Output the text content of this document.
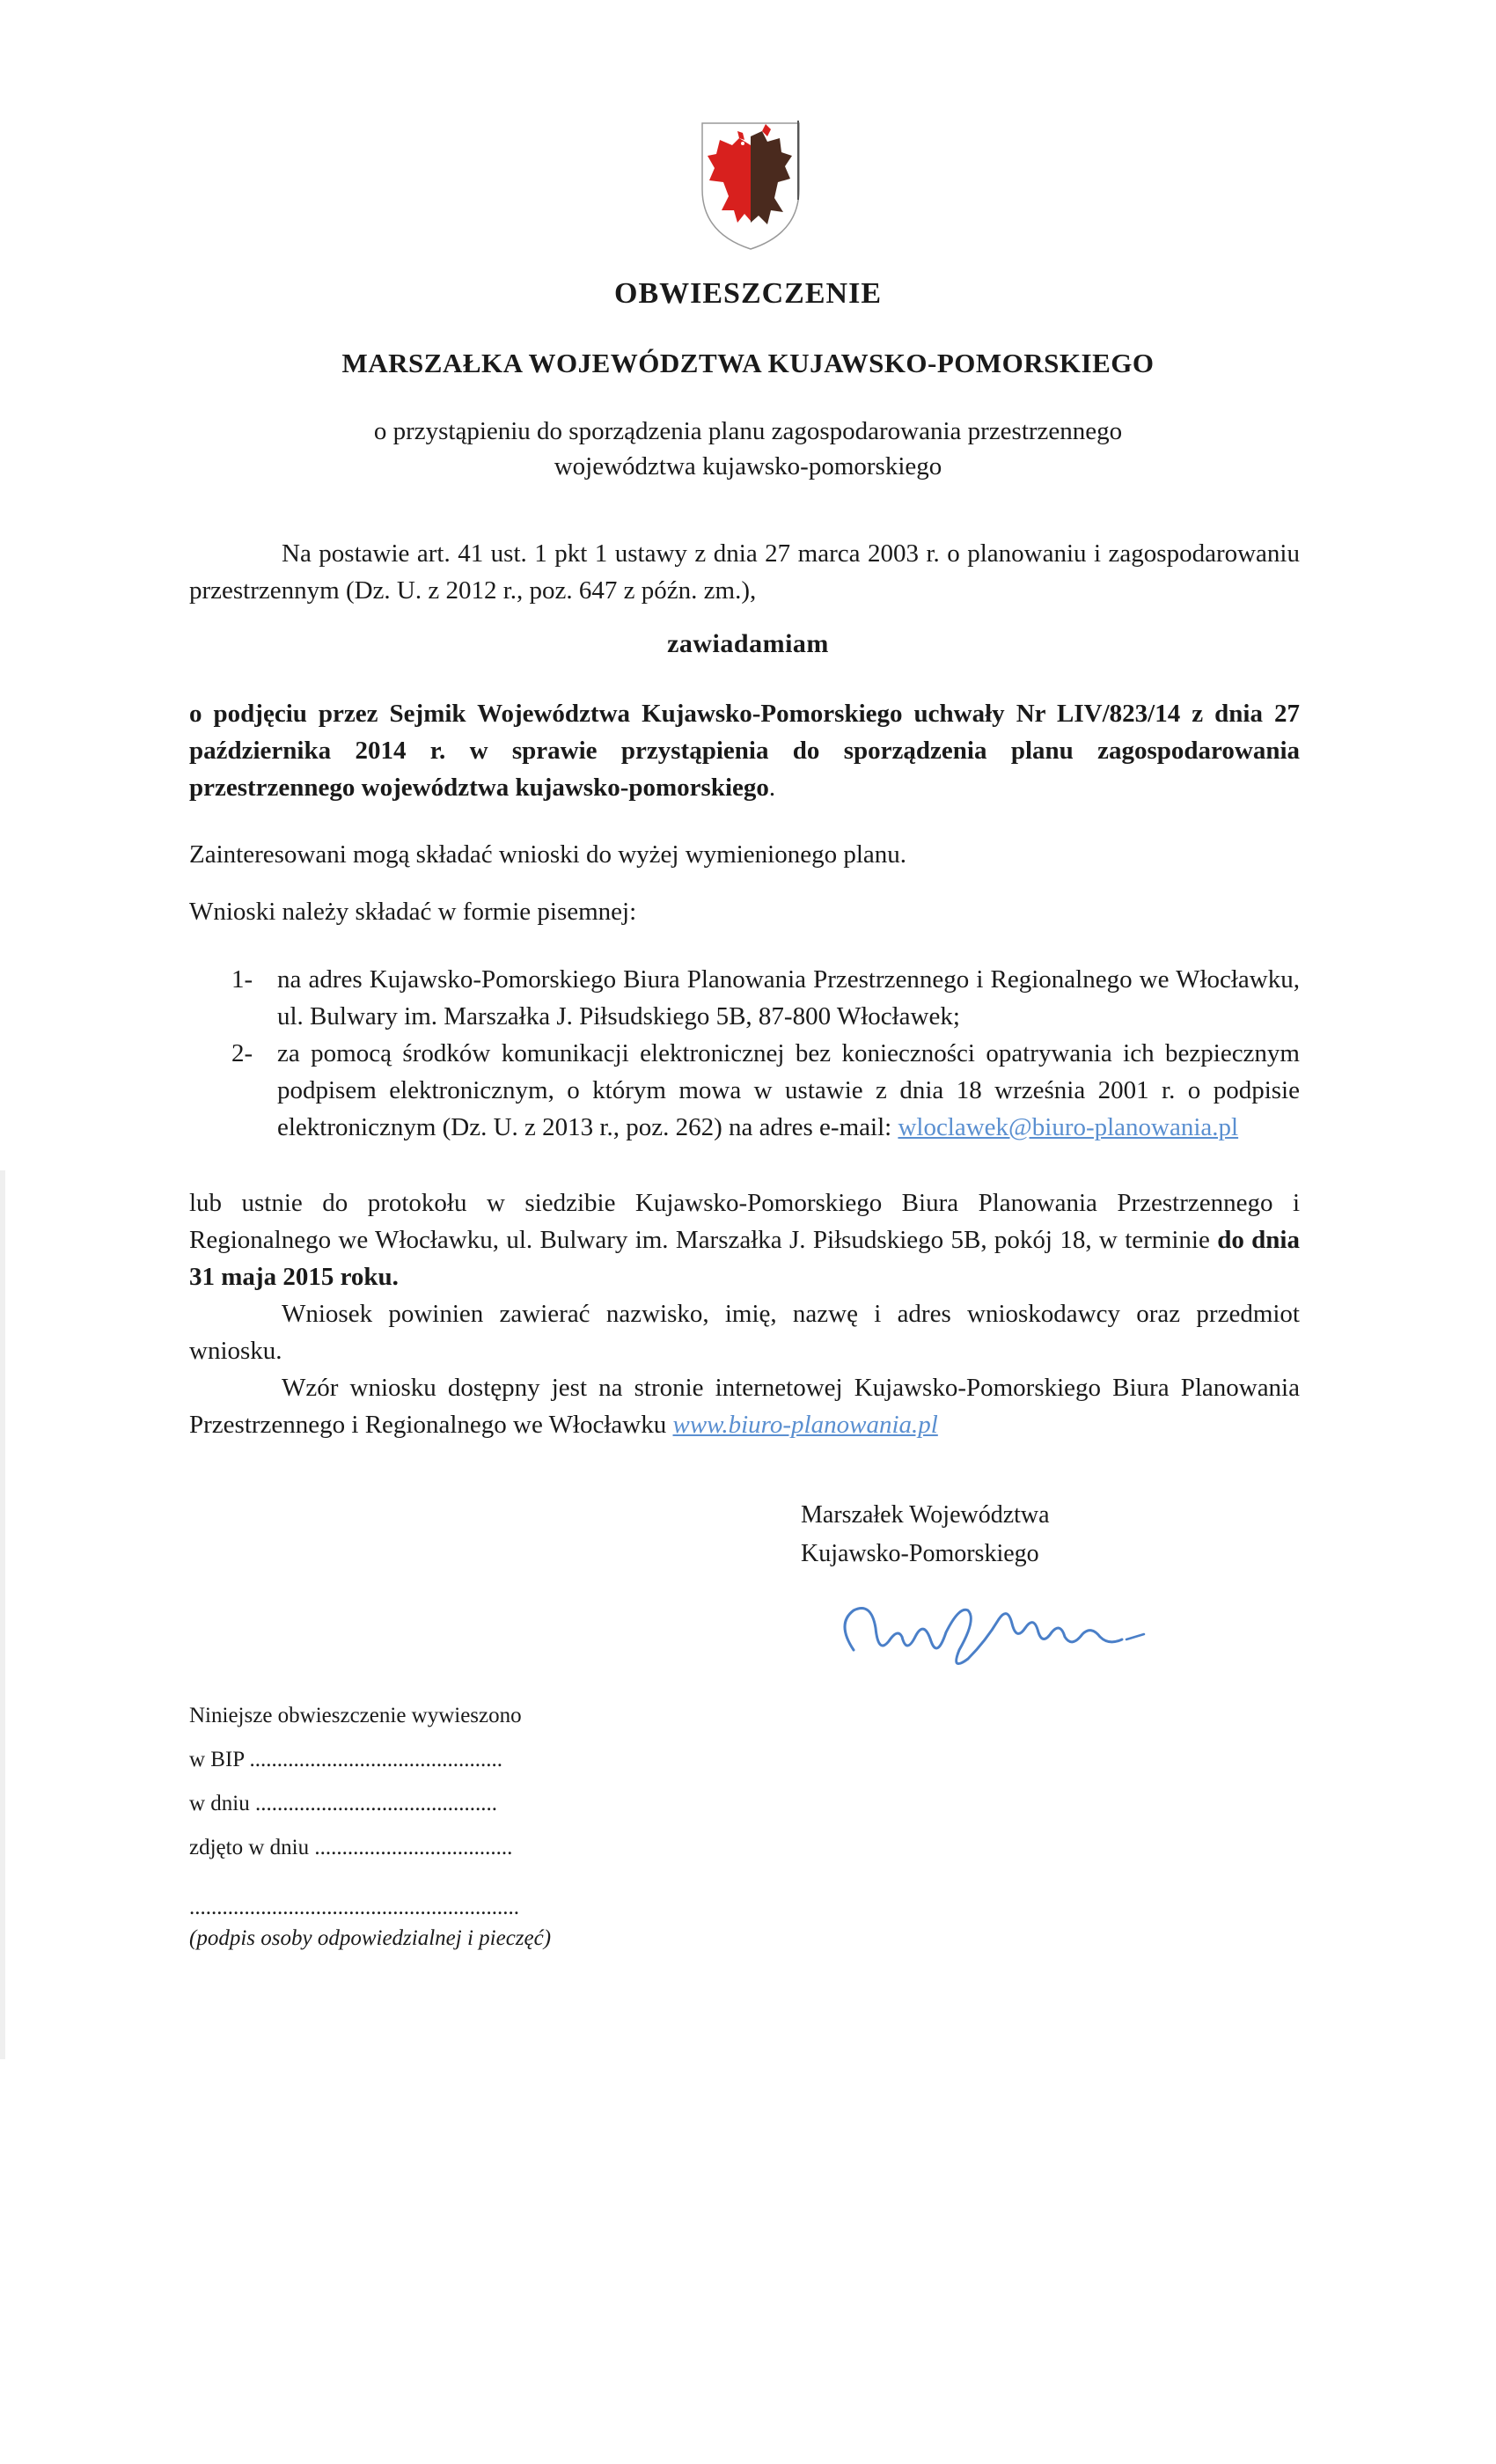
OBWIESZCZENIE
MARSZAŁKA WOJEWÓDZTWA KUJAWSKO-POMORSKIEGO
o przystąpieniu do sporządzenia planu zagospodarowania przestrzennego
województwa kujawsko-pomorskiego
Na postawie art. 41 ust. 1 pkt 1 ustawy z dnia 27 marca 2003 r. o planowaniu i zagospodarowaniu przestrzennym (Dz. U. z 2012 r., poz. 647 z późn. zm.),
zawiadamiam
o podjęciu przez Sejmik Województwa Kujawsko-Pomorskiego uchwały Nr LIV/823/14 z dnia 27 października 2014 r. w sprawie przystąpienia do sporządzenia planu zagospodarowania przestrzennego województwa kujawsko-pomorskiego.
Zainteresowani mogą składać wnioski do wyżej wymienionego planu.
Wnioski należy składać w formie pisemnej:
1- na adres Kujawsko-Pomorskiego Biura Planowania Przestrzennego i Regionalnego we Włocławku, ul. Bulwary im. Marszałka J. Piłsudskiego 5B, 87-800 Włocławek;
2- za pomocą środków komunikacji elektronicznej bez konieczności opatrywania ich bezpiecznym podpisem elektronicznym, o którym mowa w ustawie z dnia 18 września 2001 r. o podpisie elektronicznym (Dz. U. z 2013 r., poz. 262) na adres e-mail: wloclawek@biuro-planowania.pl
lub ustnie do protokołu w siedzibie Kujawsko-Pomorskiego Biura Planowania Przestrzennego i Regionalnego we Włocławku, ul. Bulwary im. Marszałka J. Piłsudskiego 5B, pokój 18, w terminie do dnia 31 maja 2015 roku.
Wniosek powinien zawierać nazwisko, imię, nazwę i adres wnioskodawcy oraz przedmiot wniosku.
Wzór wniosku dostępny jest na stronie internetowej Kujawsko-Pomorskiego Biura Planowania Przestrzennego i Regionalnego we Włocławku www.biuro-planowania.pl
Marszałek Województwa
Kujawsko-Pomorskiego
Niniejsze obwieszczenie wywieszono
w BIP ..............................................
w dniu ............................................
zdjęto w dniu ....................................
............................................................
(podpis osoby odpowiedzialnej i pieczęć)
